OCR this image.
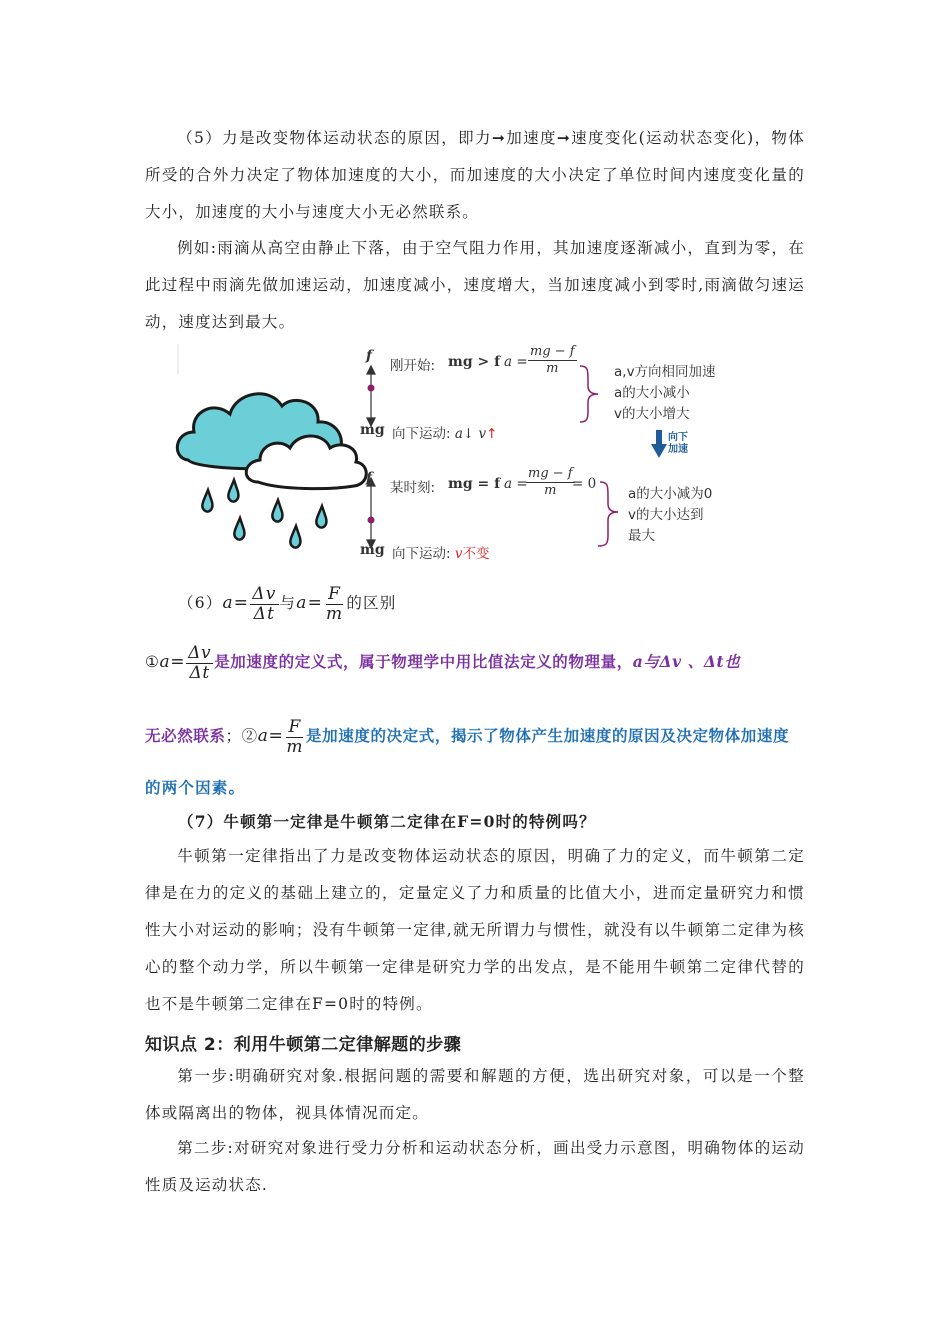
（5）力是改变物体运动状态的原因，即力➞加速度➞速度变化(运动状态变化)，物体所受的合外力决定了物体加速度的大小，而加速度的大小决定了单位时间内速度变化量的大小，加速度的大小与速度大小无必然联系。
例如:雨滴从高空由静止下落，由于空气阻力作用，其加速度逐渐减小，直到为零，在此过程中雨滴先做加速运动，加速度减小，速度增大，当加速度减小到零时,雨滴做匀速运动，速度达到最大。
f
刚开始: mg > f $a = \frac{mg - f}{m}$
mg 向下运动: a↓ v↑
a,v方向相同加速
a的大小减小
v的大小增大
向下
加速
f
某时刻: mg = f a =
$\frac{mg - f}{m}$
= 0
mg 向下运动: v不变
a的大小减为0
v的大小达到
最大
$(6)a= \frac{\Delta v}{\Delta t}$ 与$a= \frac{F}{m}$ 的区别
①a= $\frac{\Delta v}{\Delta t}$ 是加速度的定义式，属于物理学中用比值法定义的物理量，a与Δv 、Δt也
无必然联系；②a= $\frac{F}{m}$ 是加速度的决定式，揭示了物体产生加速度的原因及决定物体加速度
的两个因素。
（7）牛顿第一定律是牛顿第二定律在F=0时的特例吗？
牛顿第一定律指出了力是改变物体运动状态的原因，明确了力的定义，而牛顿第二定律是在力的定义的基础上建立的，定量定义了力和质量的比值大小，进而定量研究力和惯性大小对运动的影响；没有牛顿第一定律,就无所谓力与惯性，就没有以牛顿第二定律为核心的整个动力学，所以牛顿第一定律是研究力学的出发点，是不能用牛顿第二定律代替的也不是牛顿第二定律在F=0时的特例。
知识点 2：利用牛顿第二定律解题的步骤
第一步:明确研究对象.根据问题的需要和解题的方便，选出研究对象，可以是一个整体或隔离出的物体，视具体情况而定。
第二步:对研究对象进行受力分析和运动状态分析，画出受力示意图，明确物体的运动性质及运动状态.
